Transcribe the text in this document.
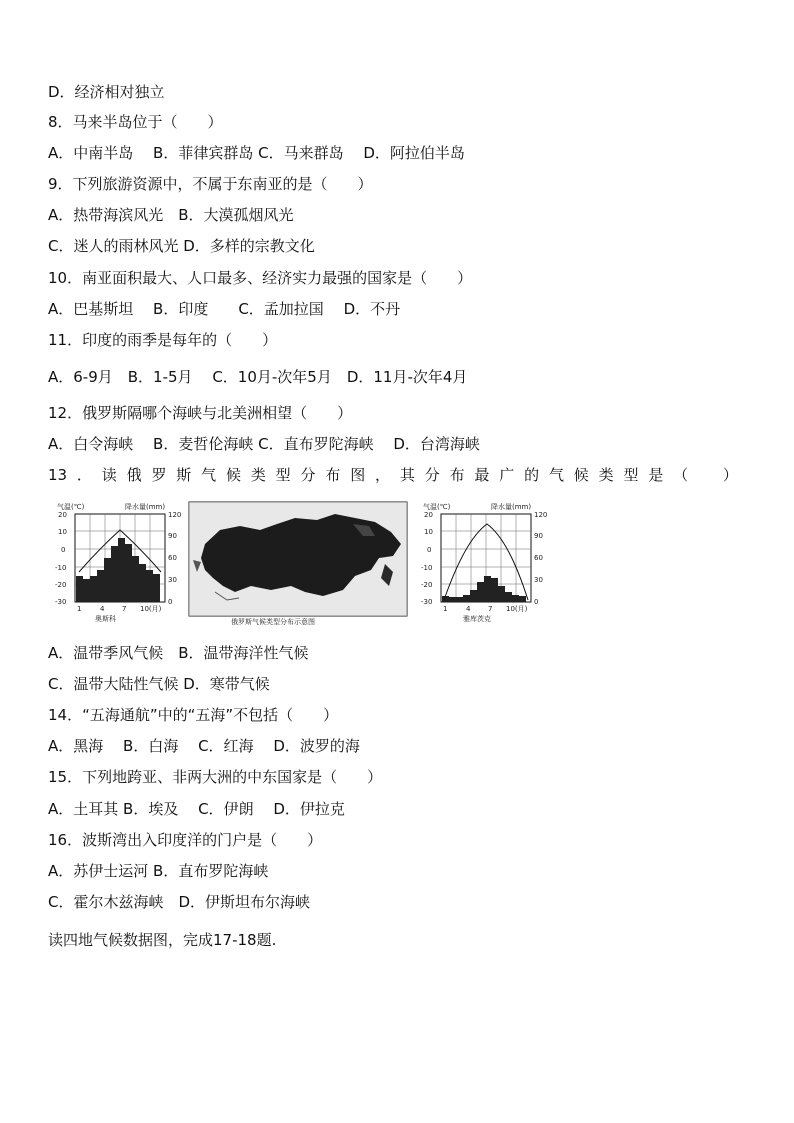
D．经济相对独立
8．马来半岛位于（　　）
A．中南半岛　 B．菲律宾群岛 C．马来群岛　 D．阿拉伯半岛
9．下列旅游资源中，不属于东南亚的是（　　）
A．热带海滨风光　B．大漠孤烟风光
C．迷人的雨林风光 D．多样的宗教文化
10．南亚面积最大、人口最多、经济实力最强的国家是（　　）
A．巴基斯坦　 B．印度　　C．孟加拉国　 D．不丹
11．印度的雨季是每年的（　　）
A．6-9月　B．1-5月　 C．10月-次年5月　D．11月-次年4月
12．俄罗斯隔哪个海峡与北美洲相望（　　）
A．白令海峡　 B．麦哲伦海峡 C．直布罗陀海峡　 D．台湾海峡
13 ． 读 俄 罗 斯 气 候 类 型 分 布 图 ， 其 分 布 最 广 的 气 候 类 型 是 （
　 ）
气温(℃)	降水量(mm)
20
10
0
-10
-20
-30
120
90
60
30
0
1	4	7 10(月)
奥斯科	俄罗斯气候类型分布示意图
气温(℃)	降水量(mm)
20
10
0
-10
-20
-30
120
90
60
30
0
1	4	7 10(月)
雅库茨克
A．温带季风气候　B．温带海洋性气候
C．温带大陆性气候 D．寒带气候
14．“五海通航”中的“五海”不包括（　　）
A．黑海　 B．白海　 C．红海　 D．波罗的海
15．下列地跨亚、非两大洲的中东国家是（　　）
A．土耳其 B．埃及　 C．伊朗　 D．伊拉克
16．波斯湾出入印度洋的门户是（　　）
A．苏伊士运河 B．直布罗陀海峡
C．霍尔木兹海峡　D．伊斯坦布尔海峡
读四地气候数据图，完成17-18题.
